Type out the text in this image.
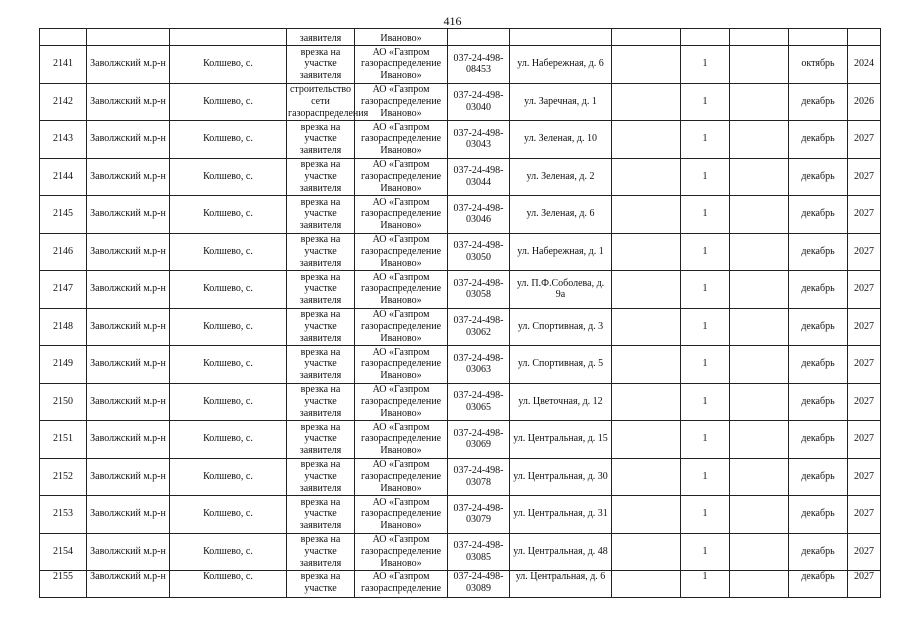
416
			заявителя	Иваново»							
2141	Заволжский м.р-н	Колшево, с.	врезка на участке заявителя	АО «Газпром газораспределение Иваново»	037-24-498-08453	ул. Набережная, д. 6		1		октябрь	2024
2142	Заволжский м.р-н	Колшево, с.	строительство сети газораспределения	АО «Газпром газораспределение Иваново»	037-24-498-03040	ул. Заречная, д. 1		1		декабрь	2026
2143	Заволжский м.р-н	Колшево, с.	врезка на участке заявителя	АО «Газпром газораспределение Иваново»	037-24-498-03043	ул. Зеленая, д. 10		1		декабрь	2027
2144	Заволжский м.р-н	Колшево, с.	врезка на участке заявителя	АО «Газпром газораспределение Иваново»	037-24-498-03044	ул. Зеленая, д. 2		1		декабрь	2027
2145	Заволжский м.р-н	Колшево, с.	врезка на участке заявителя	АО «Газпром газораспределение Иваново»	037-24-498-03046	ул. Зеленая, д. 6		1		декабрь	2027
2146	Заволжский м.р-н	Колшево, с.	врезка на участке заявителя	АО «Газпром газораспределение Иваново»	037-24-498-03050	ул. Набережная, д. 1		1		декабрь	2027
2147	Заволжский м.р-н	Колшево, с.	врезка на участке заявителя	АО «Газпром газораспределение Иваново»	037-24-498-03058	ул. П.Ф.Соболева, д. 9а		1		декабрь	2027
2148	Заволжский м.р-н	Колшево, с.	врезка на участке заявителя	АО «Газпром газораспределение Иваново»	037-24-498-03062	ул. Спортивная, д. 3		1		декабрь	2027
2149	Заволжский м.р-н	Колшево, с.	врезка на участке заявителя	АО «Газпром газораспределение Иваново»	037-24-498-03063	ул. Спортивная, д. 5		1		декабрь	2027
2150	Заволжский м.р-н	Колшево, с.	врезка на участке заявителя	АО «Газпром газораспределение Иваново»	037-24-498-03065	ул. Цветочная, д. 12		1		декабрь	2027
2151	Заволжский м.р-н	Колшево, с.	врезка на участке заявителя	АО «Газпром газораспределение Иваново»	037-24-498-03069	ул. Центральная, д. 15		1		декабрь	2027
2152	Заволжский м.р-н	Колшево, с.	врезка на участке заявителя	АО «Газпром газораспределение Иваново»	037-24-498-03078	ул. Центральная, д. 30		1		декабрь	2027
2153	Заволжский м.р-н	Колшево, с.	врезка на участке заявителя	АО «Газпром газораспределение Иваново»	037-24-498-03079	ул. Центральная, д. 31		1		декабрь	2027
2154	Заволжский м.р-н	Колшево, с.	врезка на участке заявителя	АО «Газпром газораспределение Иваново»	037-24-498-03085	ул. Центральная, д. 48		1		декабрь	2027
2155	Заволжский м.р-н	Колшево, с.	врезка на участке	АО «Газпром газораспределение	037-24-498-03089	ул. Центральная, д. 6		1		декабрь	2027
